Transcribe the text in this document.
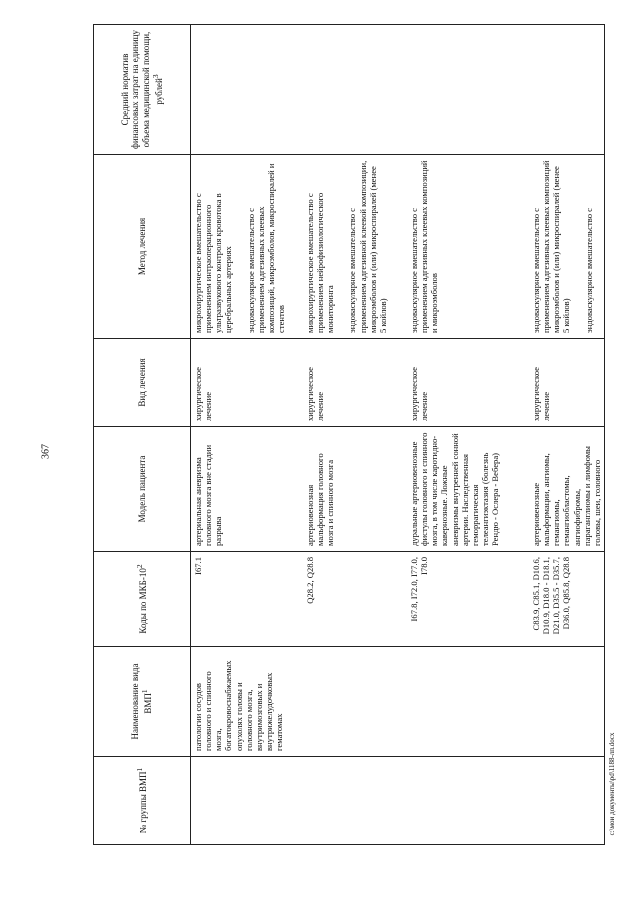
367
№ группы ВМП$^1$	Наименование вида ВМП$^1$	Коды по МКБ-$10^2$	Модель пациента	Вид лечения	Метод лечения	Средний норматив финансовых затрат на единицу объема медицинской помощи, рублей$^3$
	патологии сосудов головного и спинного мозга, богатокровоснабжаемых опухолях головы и головного мозга, внутримозговых и внутрижелудочковых гематомах	I67.1	артериальная аневризма головного мозга вне стадии разрыва	хирургическое лечение	микрохирургическое вмешательство с применением интраоперационного ультразвукового контроля кровотока в церебральных артериях эндоваскулярное вмешательство с применением адгезивных клеевых композиций, микроэмболов, микроспиралей и стентов	

		Q28.2, Q28.8	артериовенозная мальформация головного мозга и спинного мозга	хирургическое лечение	микрохирургическое вмешательство с применением нейрофизиологического мониторинга эндоваскулярное вмешательство с применением адгезивной клеевой композиции, микроэмболов и (или) микроспиралей (менее 5 койлов)	

		I67.8, I72.0, I77.0, I78.0	дуральные артериовенозные фистулы головного и спинного мозга, в том числе каротидно-кавернозные. Ложные аневризмы внутренней сонной артерии. Наследственная геморрагическая телеангиэктазия (болезнь Рендю - Ослера - Вебера)	хирургическое лечение	эндоваскулярное вмешательство с применением адгезивных клеевых композиций и микроэмболов	

		C83.9, C85.1, D10.6, D10.9, D18.0 - D18.1, D21.0, D35.5 - D35.7, D36.0, Q85.8, Q28.8	артериовенозные мальформации, ангиомы, гемангиомы, гемангиобластомы, ангиофибромы, параганглиомы и лимфомы головы, шеи, головного	хирургическое лечение	эндоваскулярное вмешательство с применением адгезивных клеевых композиций микроэмболов и (или) микроспиралей (менее 5 койлов) эндоваскулярное вмешательство с	

c:\мои документы\pd\1188-лп.docx
